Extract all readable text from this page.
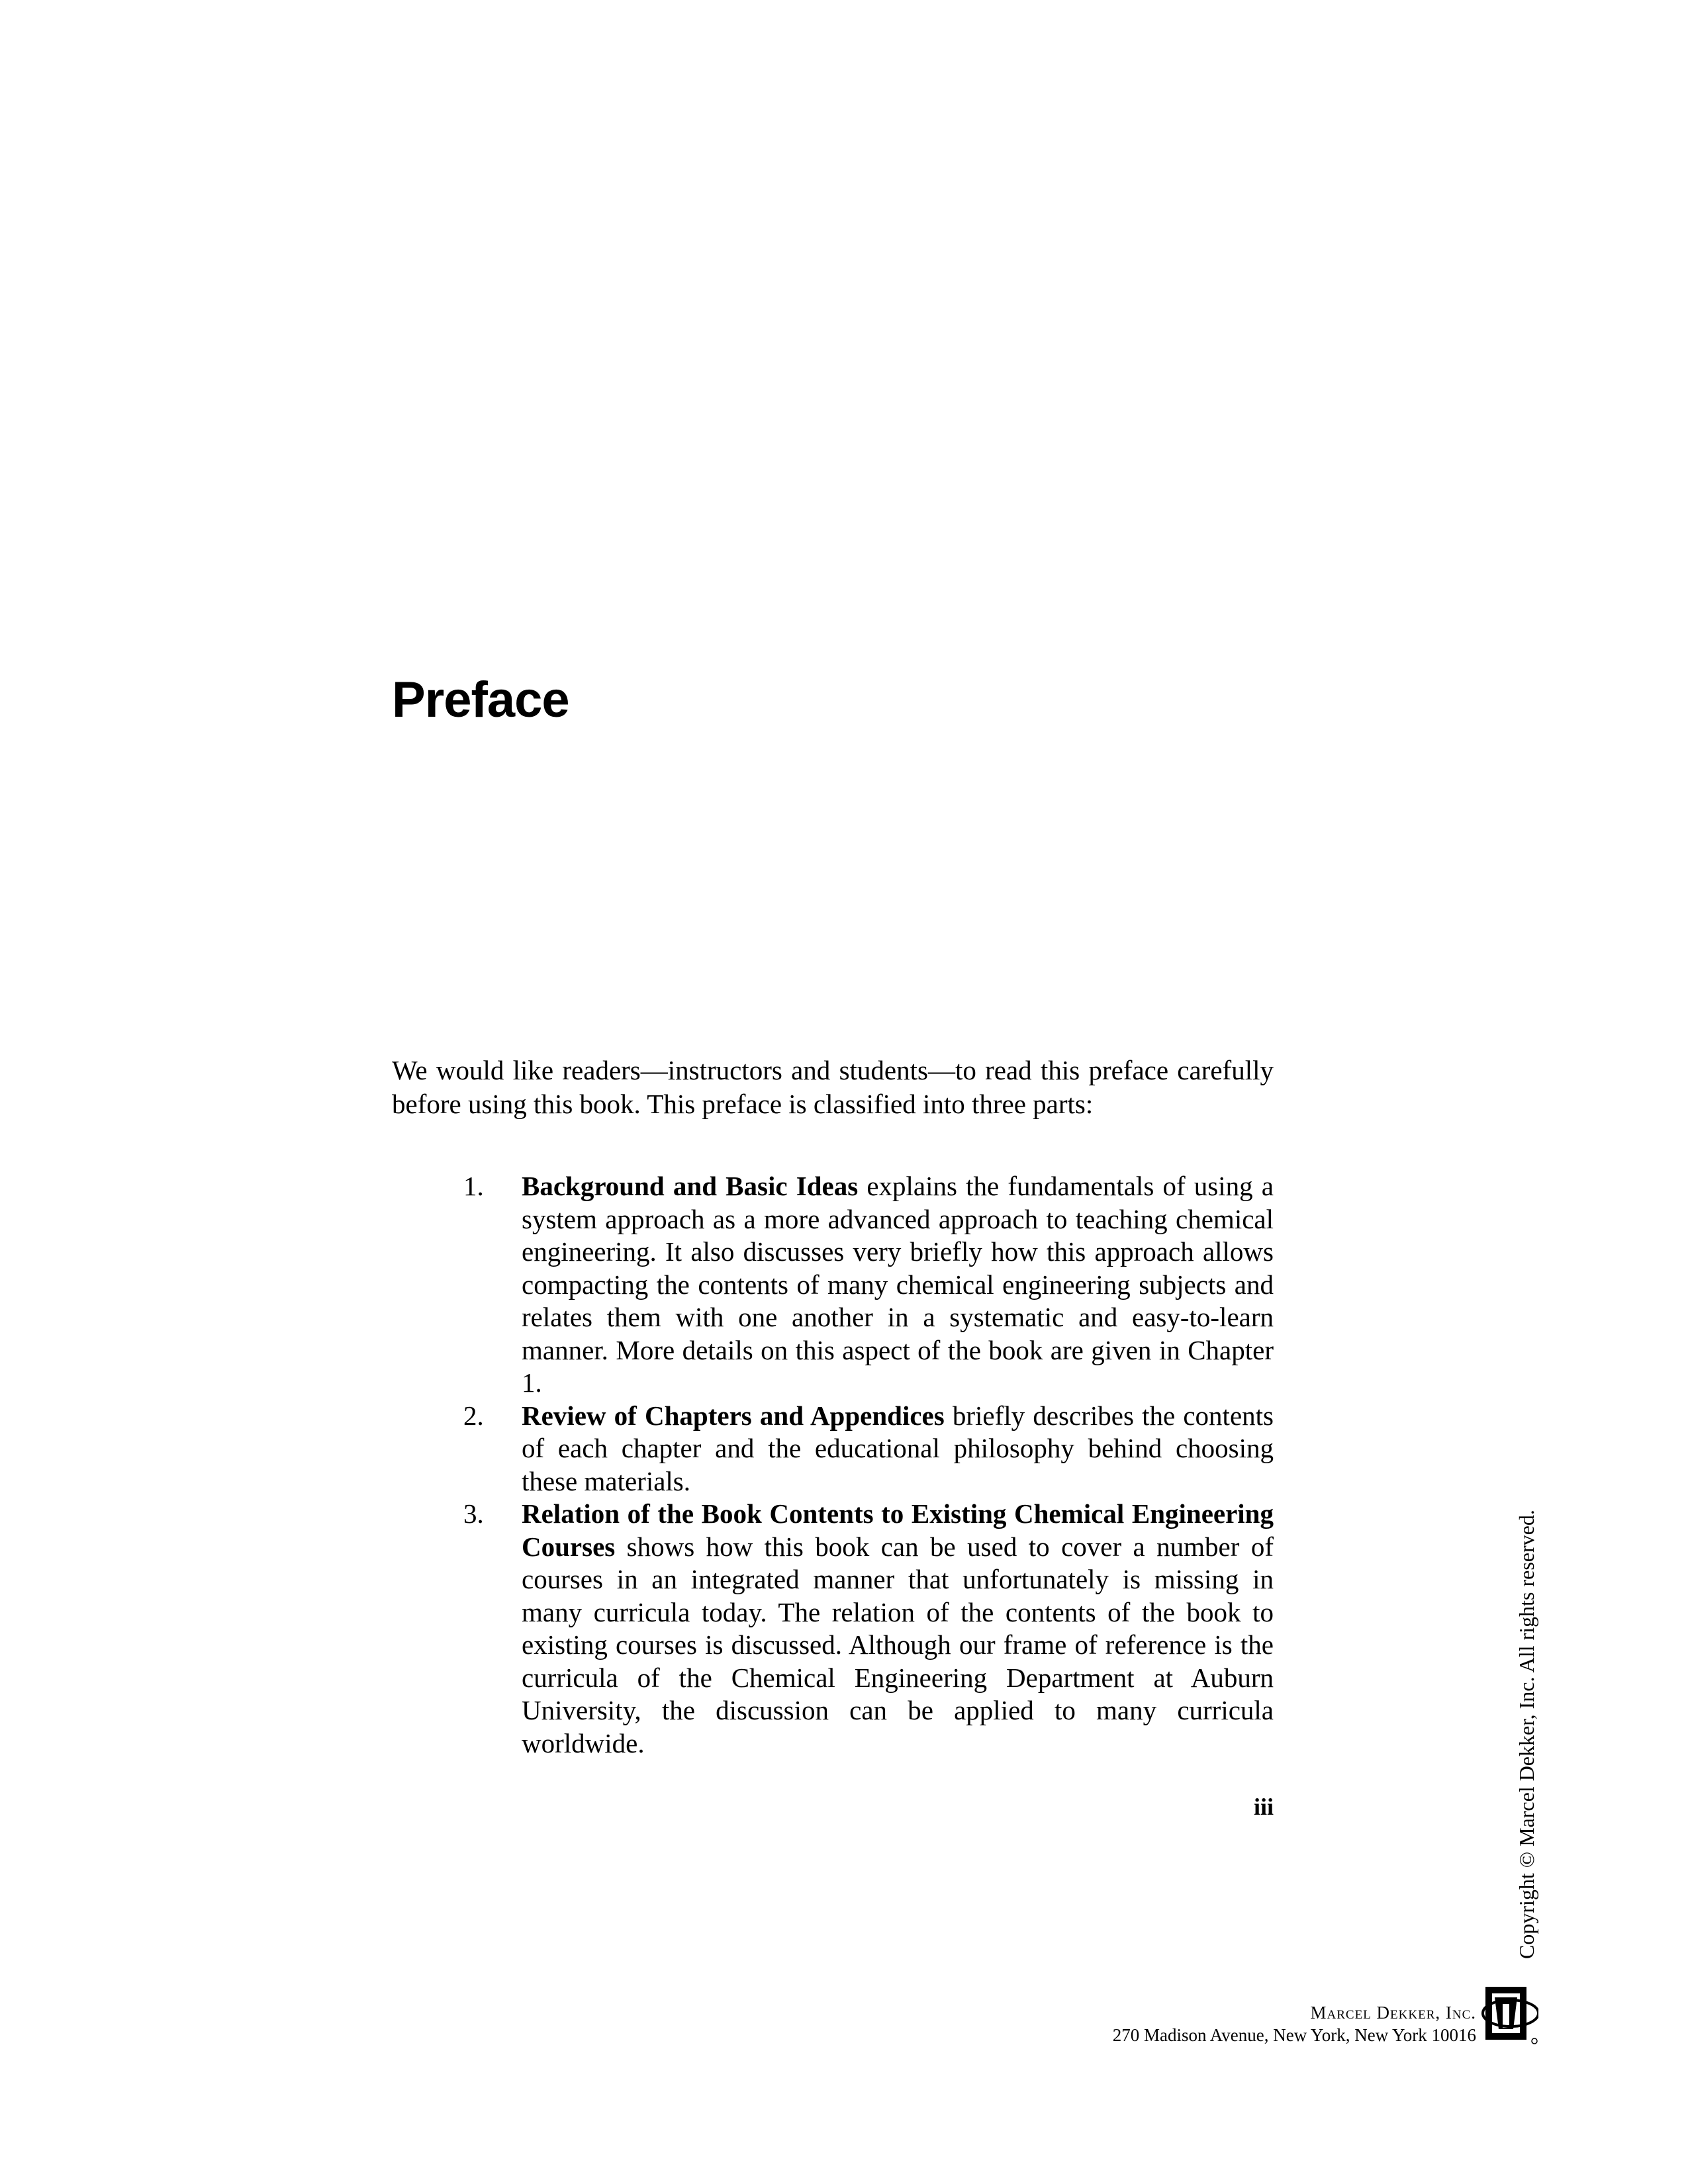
Preface

We would like readers—instructors and students—to read this preface carefully before using this book. This preface is classified into three parts:

1. Background and Basic Ideas explains the fundamentals of using a system approach as a more advanced approach to teaching chemical engineering. It also discusses very briefly how this approach allows compacting the contents of many chemical engineering subjects and relates them with one another in a systematic and easy-to-learn manner. More details on this aspect of the book are given in Chapter 1.
2. Review of Chapters and Appendices briefly describes the contents of each chapter and the educational philosophy behind choosing these materials.
3. Relation of the Book Contents to Existing Chemical Engineering Courses shows how this book can be used to cover a number of courses in an integrated manner that unfortunately is missing in many curricula today. The relation of the contents of the book to existing courses is discussed. Although our frame of reference is the curricula of the Chemical Engineering Department at Auburn University, the discussion can be applied to many curricula worldwide.
iii	Copyright © Marcel Dekker, Inc. All rights reserved.
Marcel Dekker, Inc.
270 Madison Avenue, New York, New York 10016
